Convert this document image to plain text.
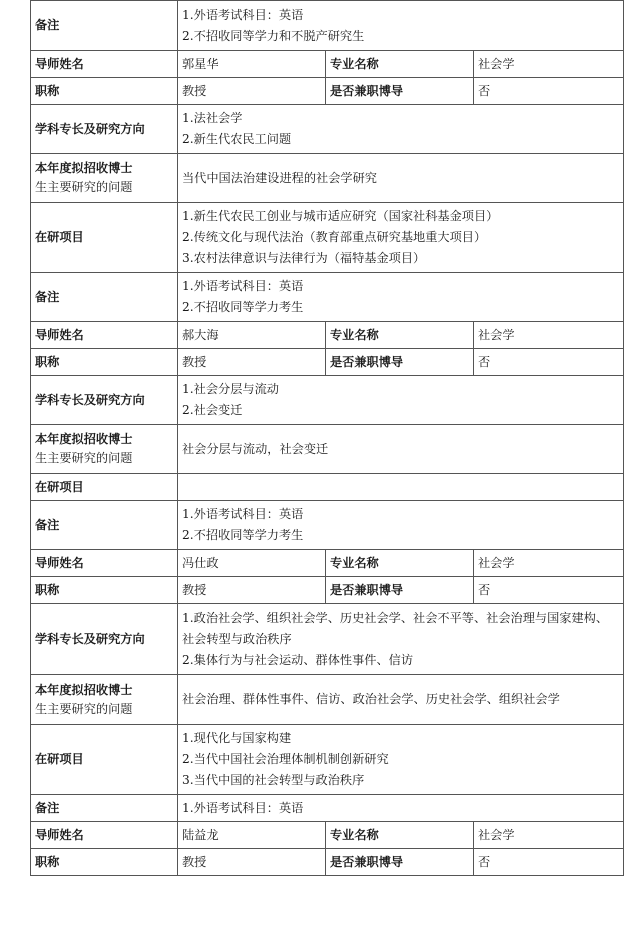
备注	1.外语考试科目：英语
2.不招收同等学力和不脱产研究生		

导师姓名	郭星华	专业名称	社会学
职称	教授	是否兼职博导	否
学科专长及研究方向	1.法社会学
2.新生代农民工问题		

本年度拟招收博士
生主要研究的问题	当代中国法治建设进程的社会学研究		
在研项目	1.新生代农民工创业与城市适应研究（国家社科基金项目）
2.传统文化与现代法治（教育部重点研究基地重大项目）
3.农村法律意识与法律行为（福特基金项目）		

备注	1.外语考试科目：英语
2.不招收同等学力考生		

导师姓名	郝大海	专业名称	社会学
职称	教授	是否兼职博导	否
学科专长及研究方向	1.社会分层与流动
2.社会变迁		

本年度拟招收博士
生主要研究的问题	社会分层与流动，社会变迁		
在研项目			
备注	1.外语考试科目：英语
2.不招收同等学力考生		

导师姓名	冯仕政	专业名称	社会学
职称	教授	是否兼职博导	否
学科专长及研究方向	1.政治社会学、组织社会学、历史社会学、社会不平等、社会治理与国家建构、社会转型与政治秩序
2.集体行为与社会运动、群体性事件、信访		

本年度拟招收博士
生主要研究的问题	社会治理、群体性事件、信访、政治社会学、历史社会学、组织社会学		
在研项目	1.现代化与国家构建
2.当代中国社会治理体制机制创新研究
3.当代中国的社会转型与政治秩序		

备注	1.外语考试科目：英语		

导师姓名	陆益龙	专业名称	社会学
职称	教授	是否兼职博导	否
